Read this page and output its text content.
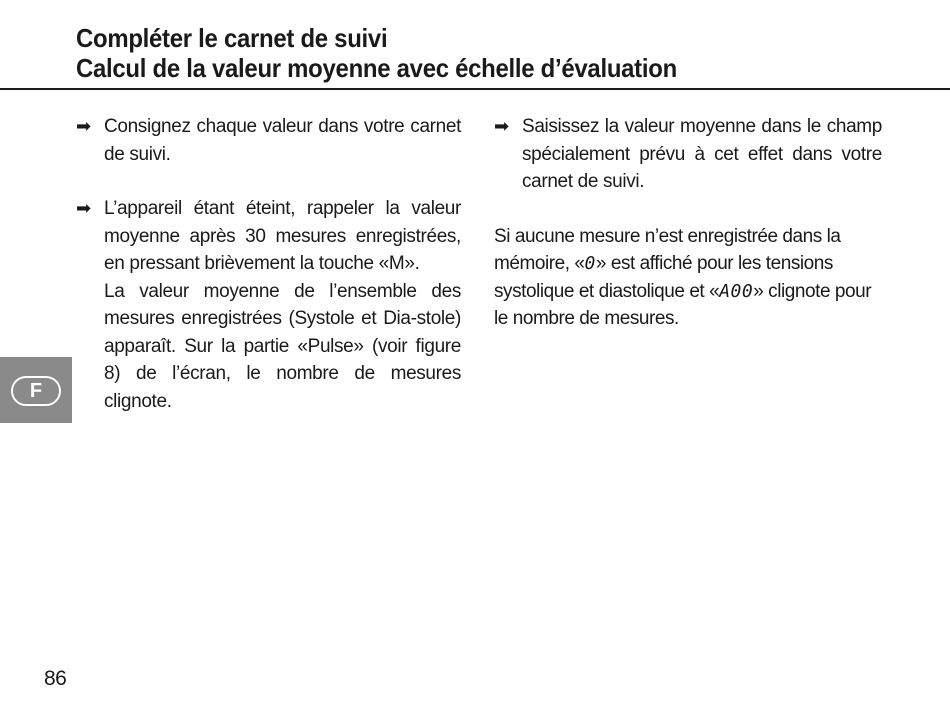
Compléter le carnet de suivi
Calcul de la valeur moyenne avec échelle d’évaluation
➡ Consignez chaque valeur dans votre carnet de suivi.

➡ L’appareil étant éteint, rappeler la valeur moyenne après 30 mesures enregistrées, en pressant brièvement la touche «M».

La valeur moyenne de l’ensemble des mesures enregistrées (Systole et Dia-stole) apparaît. Sur la partie «Pulse» (voir figure 8) de l’écran, le nombre de mesures clignote.

➡ Saisissez la valeur moyenne dans le champ spécialement prévu à cet effet dans votre carnet de suivi.

Si aucune mesure n’est enregistrée dans la mémoire, «0» est affiché pour les tensions systolique et diastolique et «A00» clignote pour le nombre de mesures.

F
86
